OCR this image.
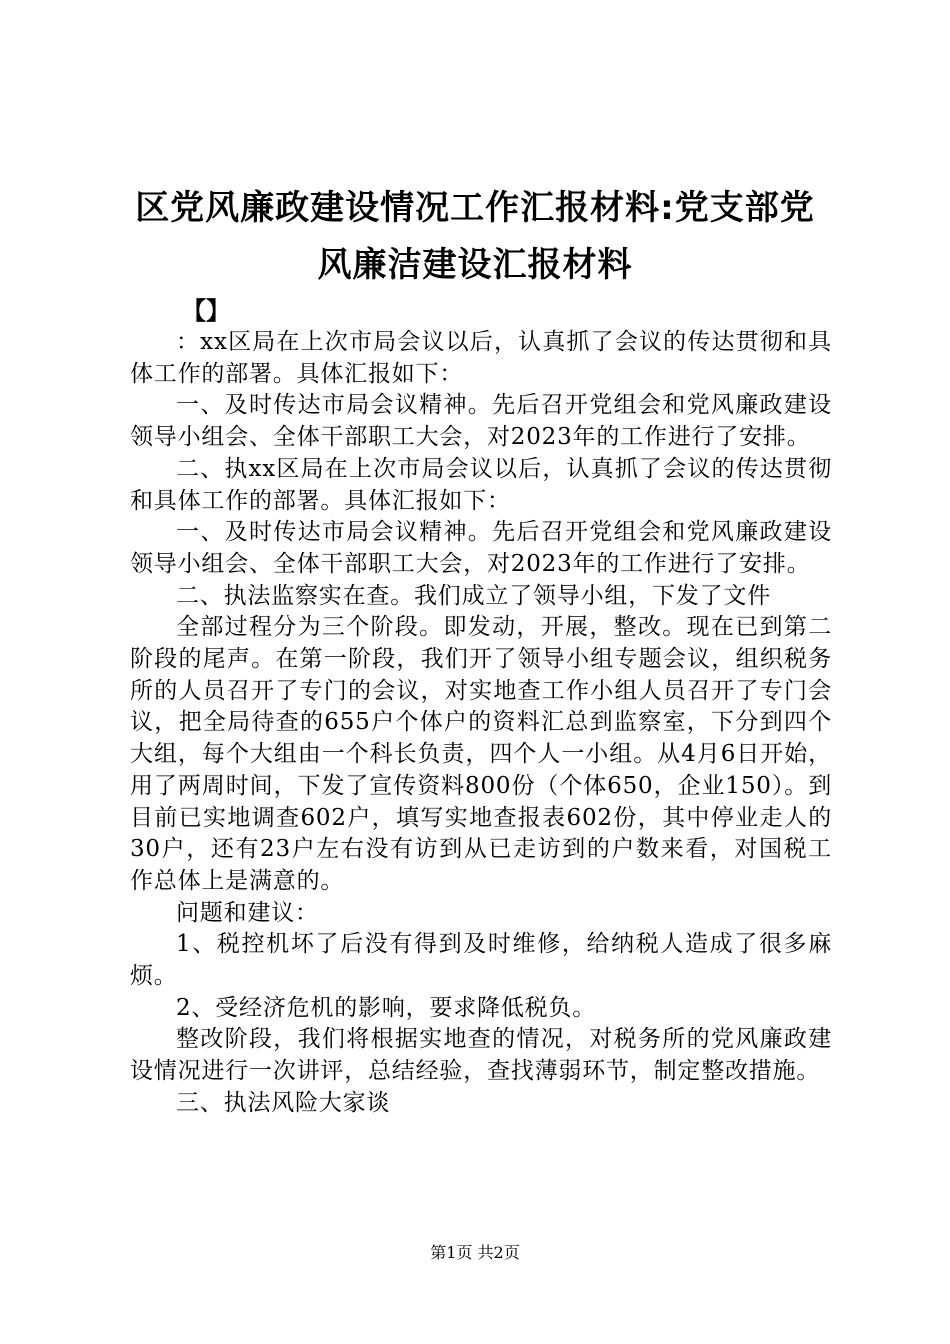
区党风廉政建设情况工作汇报材料:党支部党风廉洁建设汇报材料
【】

：xx区局在上次市局会议以后，认真抓了会议的传达贯彻和具体工作的部署。具体汇报如下：

一、及时传达市局会议精神。先后召开党组会和党风廉政建设领导小组会、全体干部职工大会，对2023年的工作进行了安排。

二、执xx区局在上次市局会议以后，认真抓了会议的传达贯彻和具体工作的部署。具体汇报如下：

一、及时传达市局会议精神。先后召开党组会和党风廉政建设领导小组会、全体干部职工大会，对2023年的工作进行了安排。

二、执法监察实在查。我们成立了领导小组，下发了文件

全部过程分为三个阶段。即发动，开展，整改。现在已到第二阶段的尾声。在第一阶段，我们开了领导小组专题会议，组织税务所的人员召开了专门的会议，对实地查工作小组人员召开了专门会议，把全局待查的655户个体户的资料汇总到监察室，下分到四个大组，每个大组由一个科长负责，四个人一小组。从4月6日开始，用了两周时间，下发了宣传资料800份（个体650，企业150）。到目前已实地调查602户，填写实地查报表602份，其中停业走人的30户，还有23户左右没有访到从已走访到的户数来看，对国税工作总体上是满意的。

问题和建议：

1、税控机坏了后没有得到及时维修，给纳税人造成了很多麻烦。

2、受经济危机的影响，要求降低税负。

整改阶段，我们将根据实地查的情况，对税务所的党风廉政建设情况进行一次讲评，总结经验，查找薄弱环节，制定整改措施。

三、执法风险大家谈

第1页 共2页
